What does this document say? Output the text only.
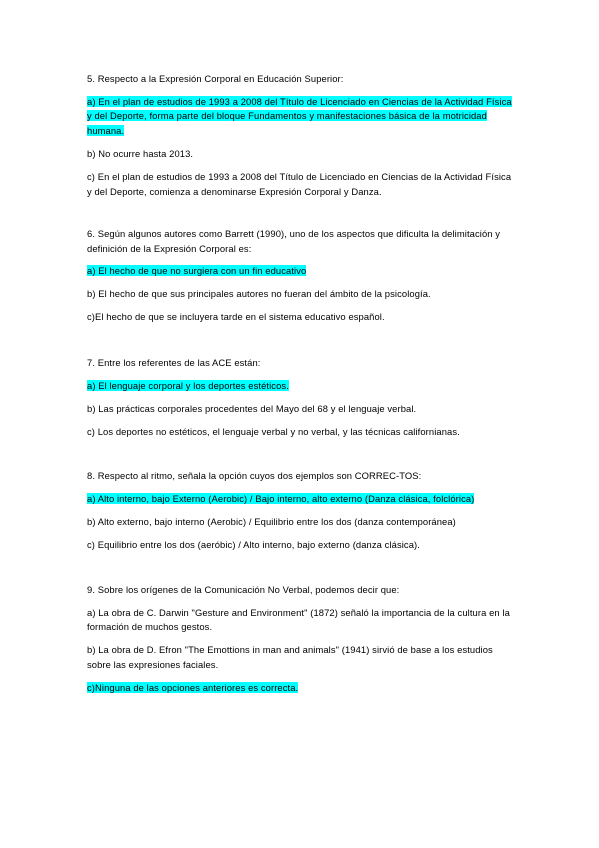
5. Respecto a la Expresión Corporal en Educación Superior:

a) En el plan de estudios de 1993 a 2008 del Título de Licenciado en Ciencias de la Actividad Física y del Deporte, forma parte del bloque Fundamentos y manifestaciones básica de la motricidad humana.

b) No ocurre hasta 2013.

c) En el plan de estudios de 1993 a 2008 del Título de Licenciado en Ciencias de la Actividad Física y del Deporte, comienza a denominarse Expresión Corporal y Danza.

6. Según algunos autores como Barrett (1990), uno de los aspectos que dificulta la delimitación y definición de la Expresión Corporal es:

a) El hecho de que no surgiera con un fin educativo

b) El hecho de que sus principales autores no fueran del ámbito de la psicología.

c)El hecho de que se incluyera tarde en el sistema educativo español.

7. Entre los referentes de las ACE están:

a) El lenguaje corporal y los deportes estéticos.

b) Las prácticas corporales procedentes del Mayo del 68 y el lenguaje verbal.

c) Los deportes no estéticos, el lenguaje verbal y no verbal, y las técnicas californianas.

8. Respecto al ritmo, señala la opción cuyos dos ejemplos son CORREC-TOS:

a) Alto interno, bajo Externo (Aerobic) / Bajo interno, alto externo (Danza clásica, folclórica)

b) Alto externo, bajo interno (Aerobic) / Equilibrio entre los dos (danza contemporánea)

c) Equilibrio entre los dos (aeróbic) / Alto interno, bajo externo (danza clásica).

9. Sobre los orígenes de la Comunicación No Verbal, podemos decir que:

a) La obra de C. Darwin "Gesture and Environment" (1872) señaló la importancia de la cultura en la formación de muchos gestos.

b) La obra de D. Efron "The Emottions in man and animals" (1941) sirvió de base a los estudios sobre las expresiones faciales.

c)Ninguna de las opciones anteriores es correcta.
